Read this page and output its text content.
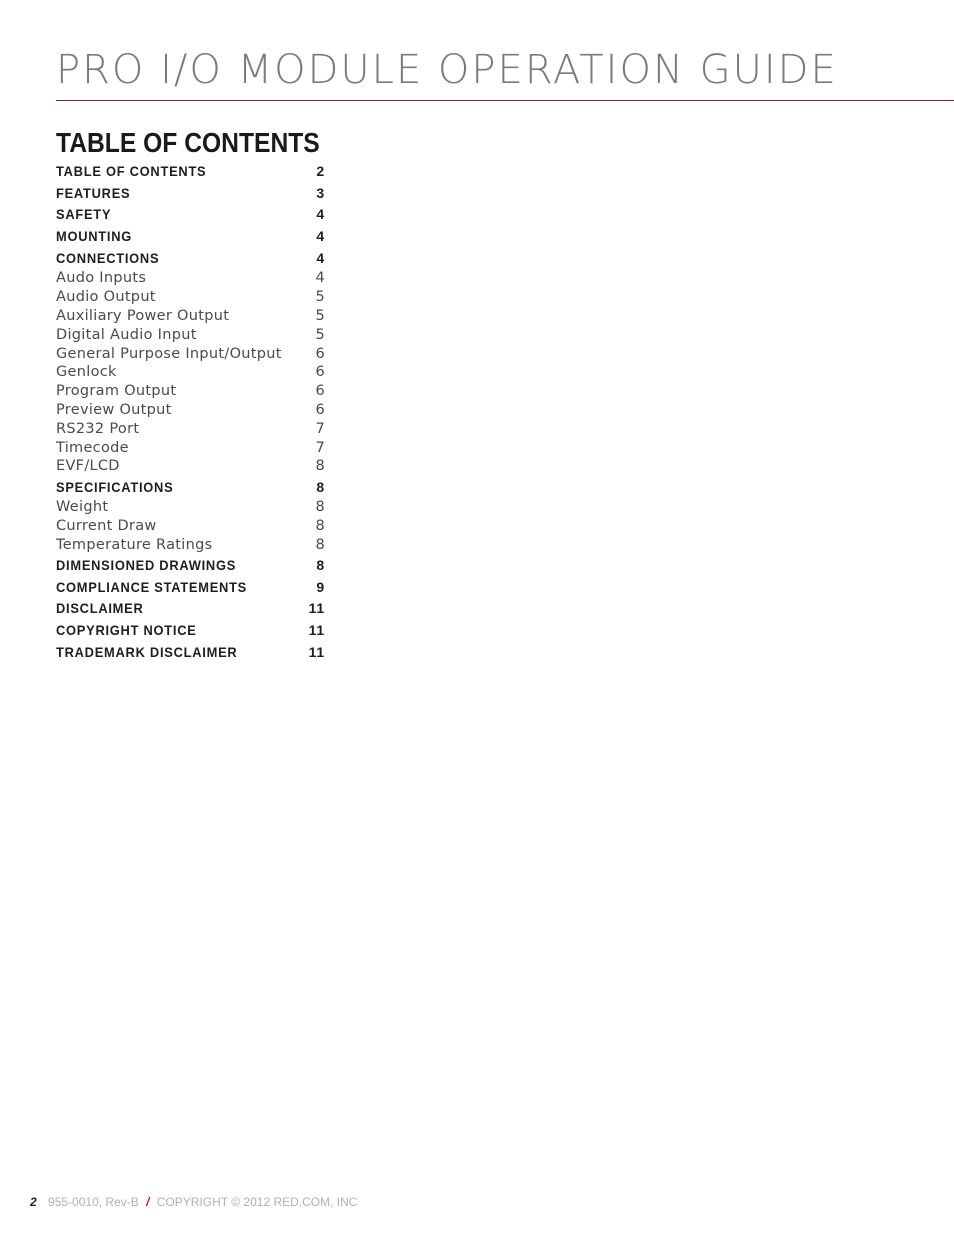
PRO I/O MODULE OPERATION GUIDE
TABLE OF CONTENTS
TABLE OF CONTENTS	2
FEATURES	3
SAFETY	4
MOUNTING	4
CONNECTIONS	4
Audo Inputs	4
Audio Output	5
Auxiliary Power Output	5
Digital Audio Input	5
General Purpose Input/Output 6
Genlock	6
Program Output	6
Preview Output	6
RS232 Port	7
Timecode	7
EVF/LCD	8
SPECIFICATIONS	8
Weight	8
Current Draw	8
Temperature Ratings	8
DIMENSIONED DRAWINGS	8
COMPLIANCE STATEMENTS	9
DISCLAIMER	11
COPYRIGHT NOTICE	11
TRADEMARK DISCLAIMER	11
2 955-0010, Rev-B / COPYRIGHT © 2012 RED.COM, INC
